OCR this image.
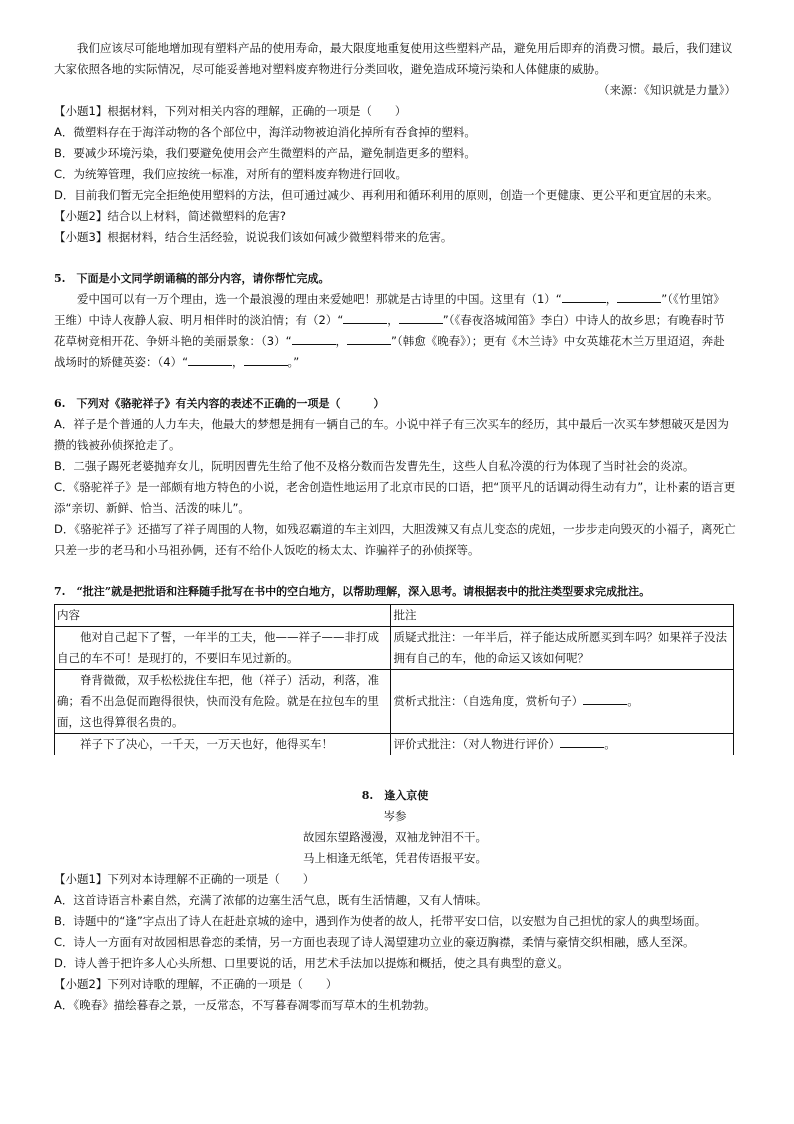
我们应该尽可能地增加现有塑料产品的使用寿命，最大限度地重复使用这些塑料产品，避免用后即弃的消费习惯。最后，我们建议大家依照各地的实际情况，尽可能妥善地对塑料废弃物进行分类回收，避免造成环境污染和人体健康的威胁。

（来源：《知识就是力量》）

【小题1】根据材料，下列对相关内容的理解，正确的一项是（　　）

A．微塑料存在于海洋动物的各个部位中，海洋动物被迫消化掉所有吞食掉的塑料。

B．要减少环境污染，我们要避免使用会产生微塑料的产品，避免制造更多的塑料。

C．为统筹管理，我们应按统一标准，对所有的塑料废弃物进行回收。

D．目前我们暂无完全拒绝使用塑料的方法，但可通过减少、再利用和循环利用的原则，创造一个更健康、更公平和更宜居的未来。

【小题2】结合以上材料，简述微塑料的危害?

【小题3】根据材料，结合生活经验，说说我们该如何减少微塑料带来的危害。

5.　下面是小文同学朗诵稿的部分内容，请你帮忙完成。

爱中国可以有一万个理由，选一个最浪漫的理由来爱她吧！那就是古诗里的中国。这里有（1）“	，	”（《竹里馆》王维）中诗人夜静人寂、明月相伴时的淡泊情；有（2）“	，	”（《春夜洛城闻笛》李白）中诗人的故乡思；有晚春时节花草树竞相开花、争妍斗艳的美丽景象：（3）“	，	”（韩愈《晚春》）；更有《木兰诗》中女英雄花木兰万里迢迢，奔赴战场时的矫健英姿：（4）“	，	。”

6.　下列对《骆驼祥子》有关内容的表述不正确的一项是（　　　）

A．祥子是个普通的人力车夫，他最大的梦想是拥有一辆自己的车。小说中祥子有三次买车的经历，其中最后一次买车梦想破灭是因为攒的钱被孙侦探抢走了。

B．二强子踢死老婆抛弃女儿，阮明因曹先生给了他不及格分数而告发曹先生，这些人自私冷漠的行为体现了当时社会的炎凉。

C．《骆驼祥子》是一部颇有地方特色的小说，老舍创造性地运用了北京市民的口语，把“顶平凡的话调动得生动有力”，让朴素的语言更添“亲切、新鲜、恰当、活泼的味儿”。

D．《骆驼祥子》还描写了祥子周围的人物，如残忍霸道的车主刘四，大胆泼辣又有点儿变态的虎妞，一步步走向毁灭的小福子，离死亡只差一步的老马和小马祖孙俩，还有不给仆人饭吃的杨太太、诈骗祥子的孙侦探等。

7.　“批注”就是把批语和注释随手批写在书中的空白地方，以帮助理解，深入思考。请根据表中的批注类型要求完成批注。

内容	批注
他对自己起下了誓，一年半的工夫，他——祥子——非打成自己的车不可！是现打的，不要旧车见过新的。	质疑式批注：一年半后，祥子能达成所愿买到车吗？如果祥子没法拥有自己的车，他的命运又该如何呢？
脊背微微，双手松松拢住车把，他（祥子）活动，利落，准确；看不出急促而跑得很快，快而没有危险。就是在拉包车的里面，这也得算很名贵的。	赏析式批注：（自选角度，赏析句子） 。
祥子下了决心，一千天，一万天也好，他得买车！	评价式批注：（对人物进行评价） 。

8.　逢入京使

岑参

故园东望路漫漫，双袖龙钟泪不干。

马上相逢无纸笔，凭君传语报平安。

【小题1】下列对本诗理解不正确的一项是（　　）

A．这首诗语言朴素自然，充满了浓郁的边塞生活气息，既有生活情趣，又有人情味。

B．诗题中的“逢”字点出了诗人在赶赴京城的途中，遇到作为使者的故人，托带平安口信，以安慰为自己担忧的家人的典型场面。

C．诗人一方面有对故园相思眷恋的柔情，另一方面也表现了诗人渴望建功立业的豪迈胸襟，柔情与豪情交织相融，感人至深。

D．诗人善于把许多人心头所想、口里要说的话，用艺术手法加以提炼和概括，使之具有典型的意义。

【小题2】下列对诗歌的理解，不正确的一项是（　　）

A．《晚春》描绘暮春之景，一反常态，不写暮春凋零而写草木的生机勃勃。
